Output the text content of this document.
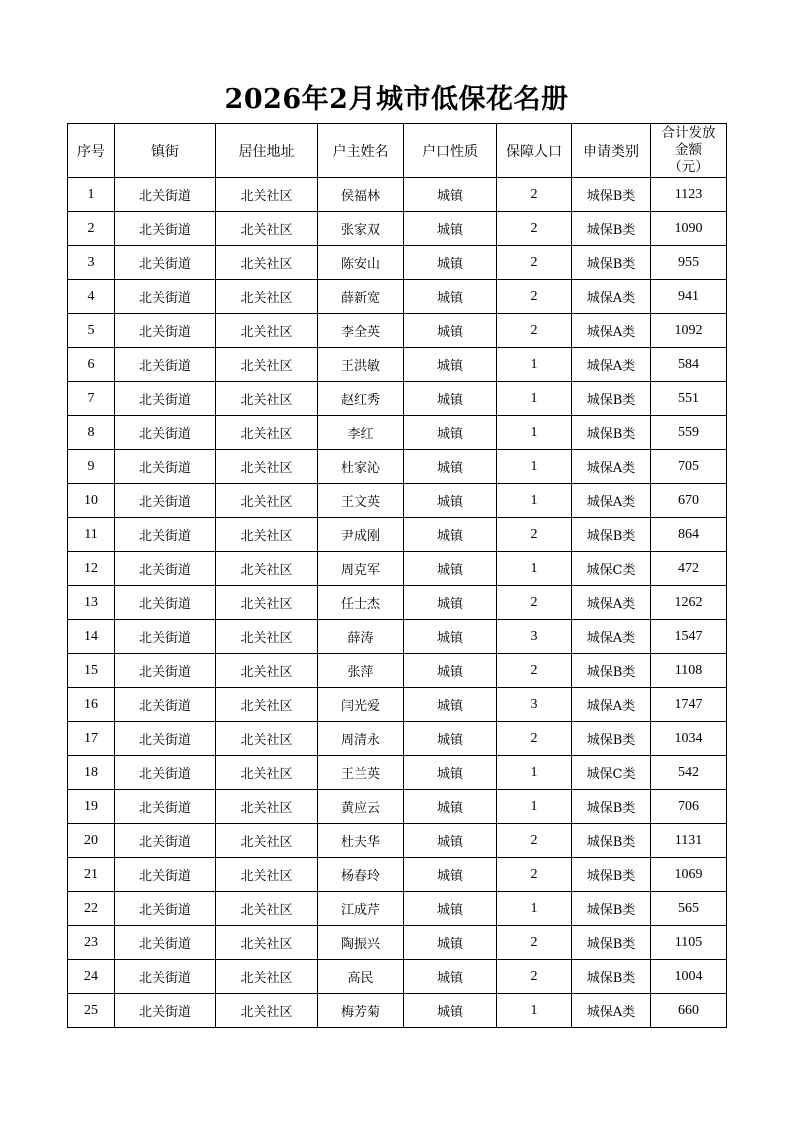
2026年2月城市低保花名册
序号	镇街	居住地址	户主姓名	户口性质	保障人口	申请类别	合计发放
金额
（元）

1	北关街道	北关社区	侯福林	城镇	2	城保B类	1123
2	北关街道	北关社区	张家双	城镇	2	城保B类	1090
3	北关街道	北关社区	陈安山	城镇	2	城保B类	955
4	北关街道	北关社区	薛新宽	城镇	2	城保A类	941
5	北关街道	北关社区	李全英	城镇	2	城保A类	1092
6	北关街道	北关社区	王洪敏	城镇	1	城保A类	584
7	北关街道	北关社区	赵红秀	城镇	1	城保B类	551
8	北关街道	北关社区	李红	城镇	1	城保B类	559
9	北关街道	北关社区	杜家沁	城镇	1	城保A类	705
10	北关街道	北关社区	王文英	城镇	1	城保A类	670
11	北关街道	北关社区	尹成刚	城镇	2	城保B类	864
12	北关街道	北关社区	周克军	城镇	1	城保C类	472
13	北关街道	北关社区	任士杰	城镇	2	城保A类	1262
14	北关街道	北关社区	薛涛	城镇	3	城保A类	1547
15	北关街道	北关社区	张萍	城镇	2	城保B类	1108
16	北关街道	北关社区	闫光爱	城镇	3	城保A类	1747
17	北关街道	北关社区	周清永	城镇	2	城保B类	1034
18	北关街道	北关社区	王兰英	城镇	1	城保C类	542
19	北关街道	北关社区	黄应云	城镇	1	城保B类	706
20	北关街道	北关社区	杜夫华	城镇	2	城保B类	1131
21	北关街道	北关社区	杨春玲	城镇	2	城保B类	1069
22	北关街道	北关社区	江成芹	城镇	1	城保B类	565
23	北关街道	北关社区	陶振兴	城镇	2	城保B类	1105
24	北关街道	北关社区	高民	城镇	2	城保B类	1004
25	北关街道	北关社区	梅芳菊	城镇	1	城保A类	660
